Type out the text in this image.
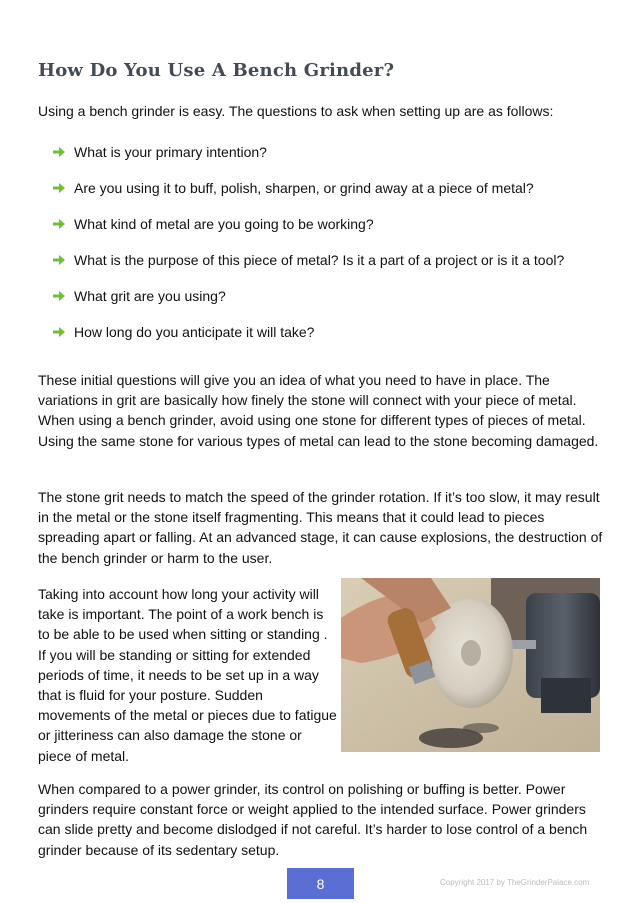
How Do You Use A Bench Grinder?

Using a bench grinder is easy. The questions to ask when setting up are as follows:

What is your primary intention?
Are you using it to buff, polish, sharpen, or grind away at a piece of metal?
What kind of metal are you going to be working?
What is the purpose of this piece of metal? Is it a part of a project or is it a tool?
What grit are you using?
How long do you anticipate it will take?

These initial questions will give you an idea of what you need to have in place. The variations in grit are basically how finely the stone will connect with your piece of metal. When using a bench grinder, avoid using one stone for different types of pieces of metal. Using the same stone for various types of metal can lead to the stone becoming damaged.

The stone grit needs to match the speed of the grinder rotation. If it’s too slow, it may result in the metal or the stone itself fragmenting. This means that it could lead to pieces spreading apart or falling. At an advanced stage, it can cause explosions, the destruction of the bench grinder or harm to the user.

Taking into account how long your activity will take is important. The point of a work bench is to be able to be used when sitting or standing . If you will be standing or sitting for extended periods of time, it needs to be set up in a way that is fluid for your posture. Sudden movements of the metal or pieces due to fatigue or jitteriness can also damage the stone or piece of metal.

When compared to a power grinder, its control on polishing or buffing is better. Power grinders require constant force or weight applied to the intended surface. Power grinders can slide pretty and become dislodged if not careful. It’s harder to lose control of a bench grinder because of its sedentary setup.

8	Copyright 2017 by TheGrinderPalace.com
